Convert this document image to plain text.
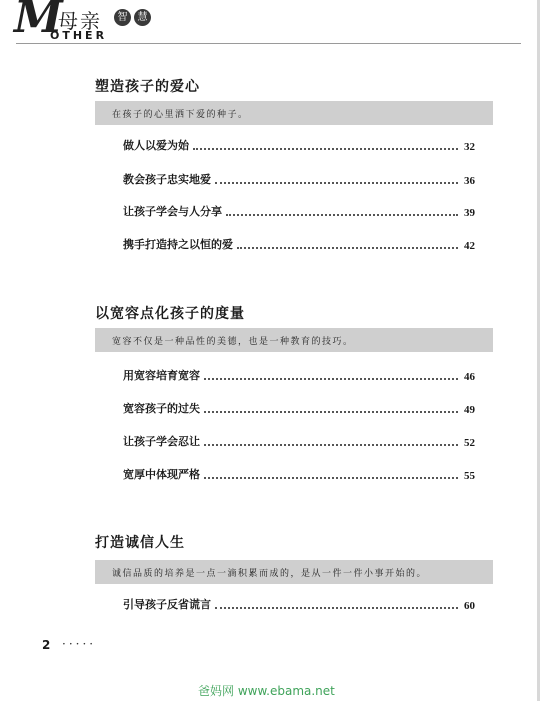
M
母亲	智	慧
OTHER
塑造孩子的爱心
在孩子的心里洒下爱的种子。
做人以爱为始	32
教会孩子忠实地爱	36
让孩子学会与人分享	39
携手打造持之以恒的爱	42
以宽容点化孩子的度量
宽容不仅是一种品性的美德，也是一种教育的技巧。
用宽容培育宽容	46
宽容孩子的过失	49
让孩子学会忍让	52
宽厚中体现严格	55
打造诚信人生
诚信品质的培养是一点一滴积累而成的，是从一件一件小事开始的。
引导孩子反省谎言	60
2 ·····
爸妈网 www.ebama.net
